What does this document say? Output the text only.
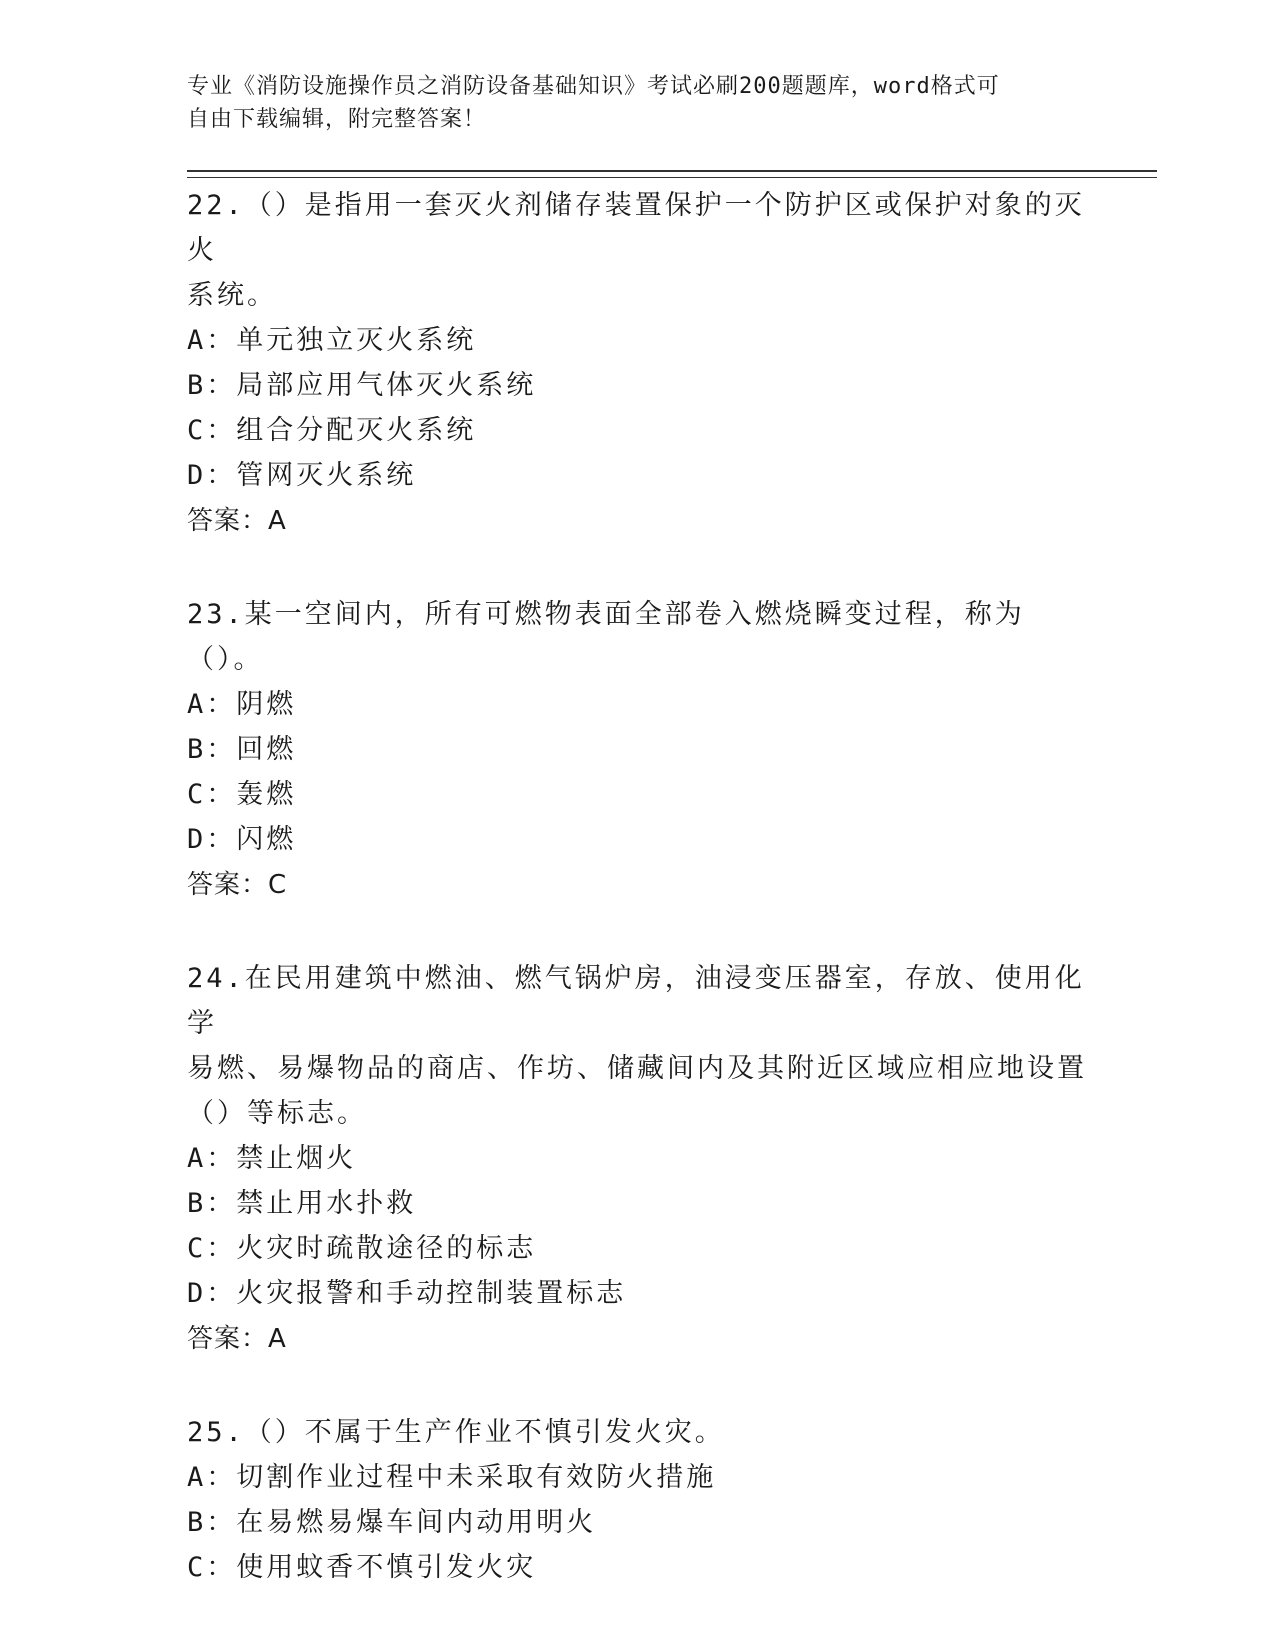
专业《消防设施操作员之消防设备基础知识》考试必刷200题题库，word格式可
自由下载编辑，附完整答案！
22.（）是指用一套灭火剂储存装置保护一个防护区或保护对象的灭火
系统。
A：单元独立灭火系统
B：局部应用气体灭火系统
C：组合分配灭火系统
D：管网灭火系统
答案：A
23.某一空间内，所有可燃物表面全部卷入燃烧瞬变过程，称为（）。
A：阴燃
B：回燃
C：轰燃
D：闪燃
答案：C
24.在民用建筑中燃油、燃气锅炉房，油浸变压器室，存放、使用化学
易燃、易爆物品的商店、作坊、储藏间内及其附近区域应相应地设置
（）等标志。
A：禁止烟火
B：禁止用水扑救
C：火灾时疏散途径的标志
D：火灾报警和手动控制装置标志
答案：A
25.（）不属于生产作业不慎引发火灾。
A：切割作业过程中未采取有效防火措施
B：在易燃易爆车间内动用明火
C：使用蚊香不慎引发火灾
